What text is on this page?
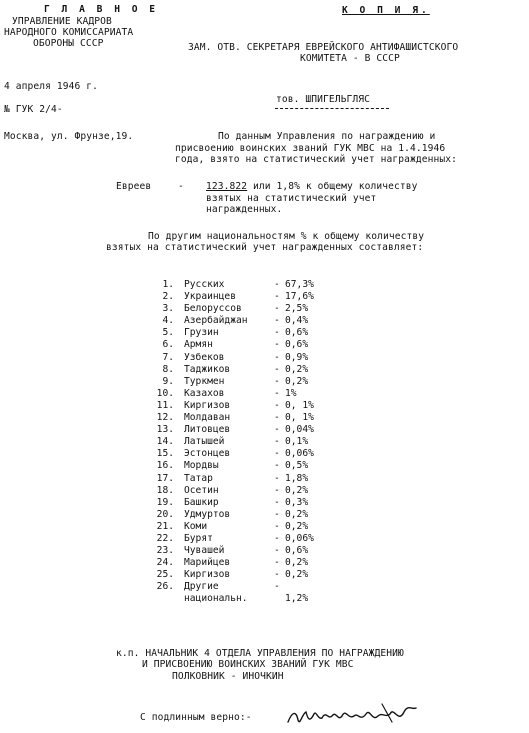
Г Л А В Н О Е
УПРАВЛЕНИЕ КАДРОВ
НАРОДНОГО КОМИССАРИАТА
ОБОРОНЫ СССР
К О П И Я.
ЗАМ. ОТВ. СЕКРЕТАРЯ ЕВРЕЙСКОГО АНТИФАШИСТСКОГО
КОМИТЕТА - В СССР
4 апреля 1946 г.
№ ГУК 2/4-
тов. ШПИГЕЛЬГЛЯС
Москва, ул. Фрунзе,19.	По данным Управления по награждению и
присвоению воинских званий ГУК МВС на 1.4.1946
года, взято на статистический учет награжденных:
Евреев	- 123.822 или 1,8% к общему количеству
взятых на статистический учет
награжденных.
По другим национальностям % к общему количеству
взятых на статистический учет награжденных составляет:
1. Русских	- 67,3%
2. Украинцев	- 17,6%
3. Белоруссов	- 2,5%
4. Азербайджан	- 0,4%
5. Грузин	- 0,6%
6. Армян	- 0,6%
7. Узбеков	- 0,9%
8. Таджиков	- 0,2%
9. Туркмен	- 0,2%
10. Казахов	- 1%
11. Киргизов	- 0, 1%
12. Молдаван	- 0, 1%
13. Литовцев	- 0,04%
14. Латышей	- 0,1%
15. Эстонцев	- 0,06%
16. Мордвы	- 0,5%
17. Татар	- 1,8%
18. Осетин	- 0,2%
19. Башкир	- 0,3%
20. Удмуртов	- 0,2%
21. Коми	- 0,2%
22. Бурят	- 0,06%
23. Чувашей	- 0,6%
24. Марийцев	- 0,2%
25. Киргизов	- 0,2%
26. Другие	-
национальн.	1,2%
к.п. НАЧАЛЬНИК 4 ОТДЕЛА УПРАВЛЕНИЯ ПО НАГРАЖДЕНИЮ
И ПРИСВОЕНИЮ ВОИНСКИХ ЗВАНИЙ ГУК МВС
ПОЛКОВНИК - ИНОЧКИН
С подлинным верно:-
